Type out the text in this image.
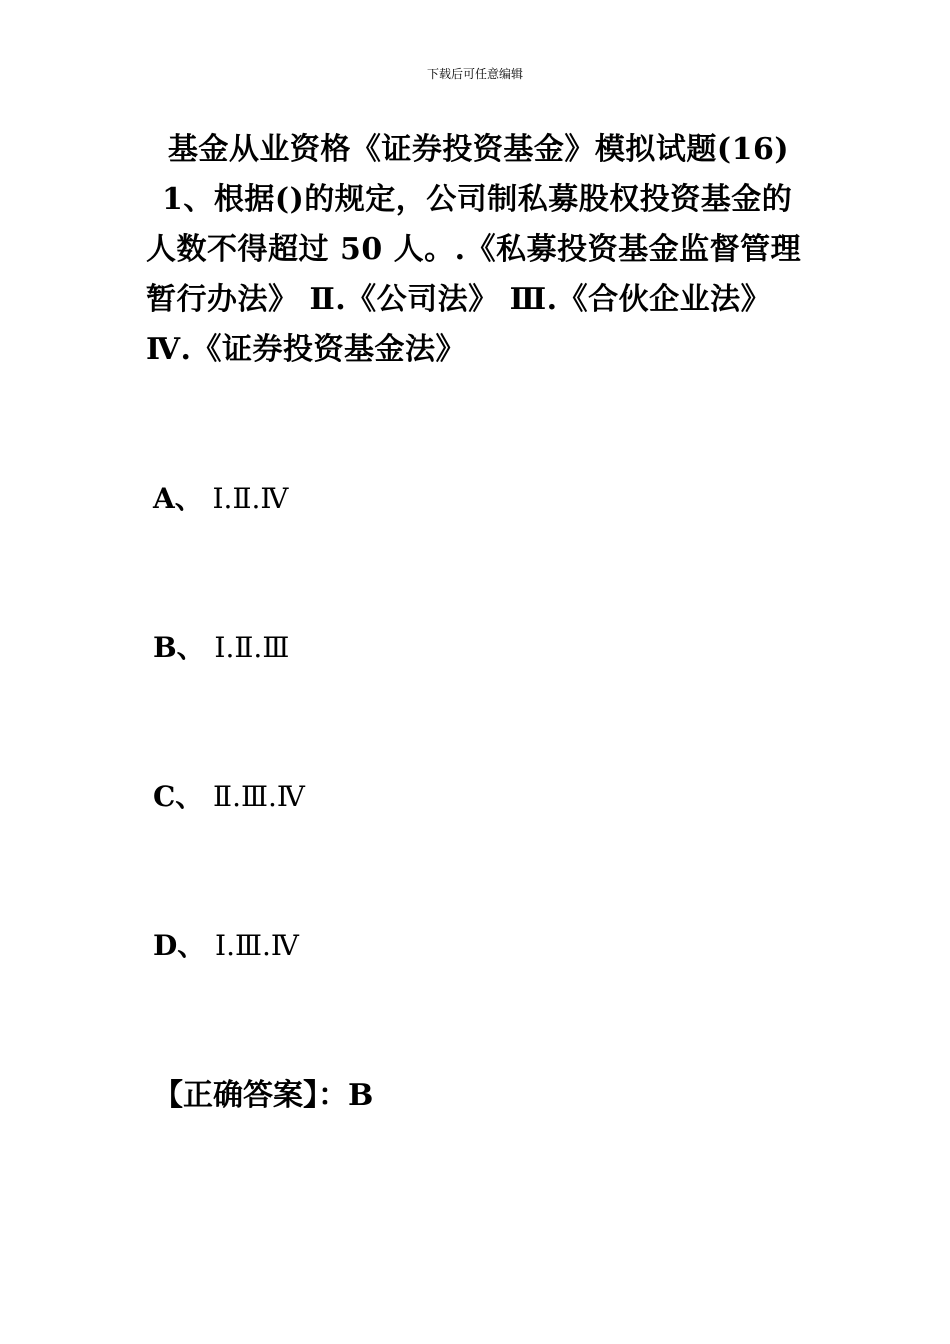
下载后可任意编辑
基金从业资格《证券投资基金》模拟试题(16)

1、根据()的规定，公司制私募股权投资基金的人数不得超过 50 人。.《私募投资基金监督管理暂行办法》 Ⅱ.《公司法》 Ⅲ.《合伙企业法》 Ⅳ.《证券投资基金法》

A、 Ⅰ.Ⅱ.Ⅳ
B、 Ⅰ.Ⅱ.Ⅲ
C、 Ⅱ.Ⅲ.Ⅳ
D、 Ⅰ.Ⅲ.Ⅳ
【正确答案】：B
